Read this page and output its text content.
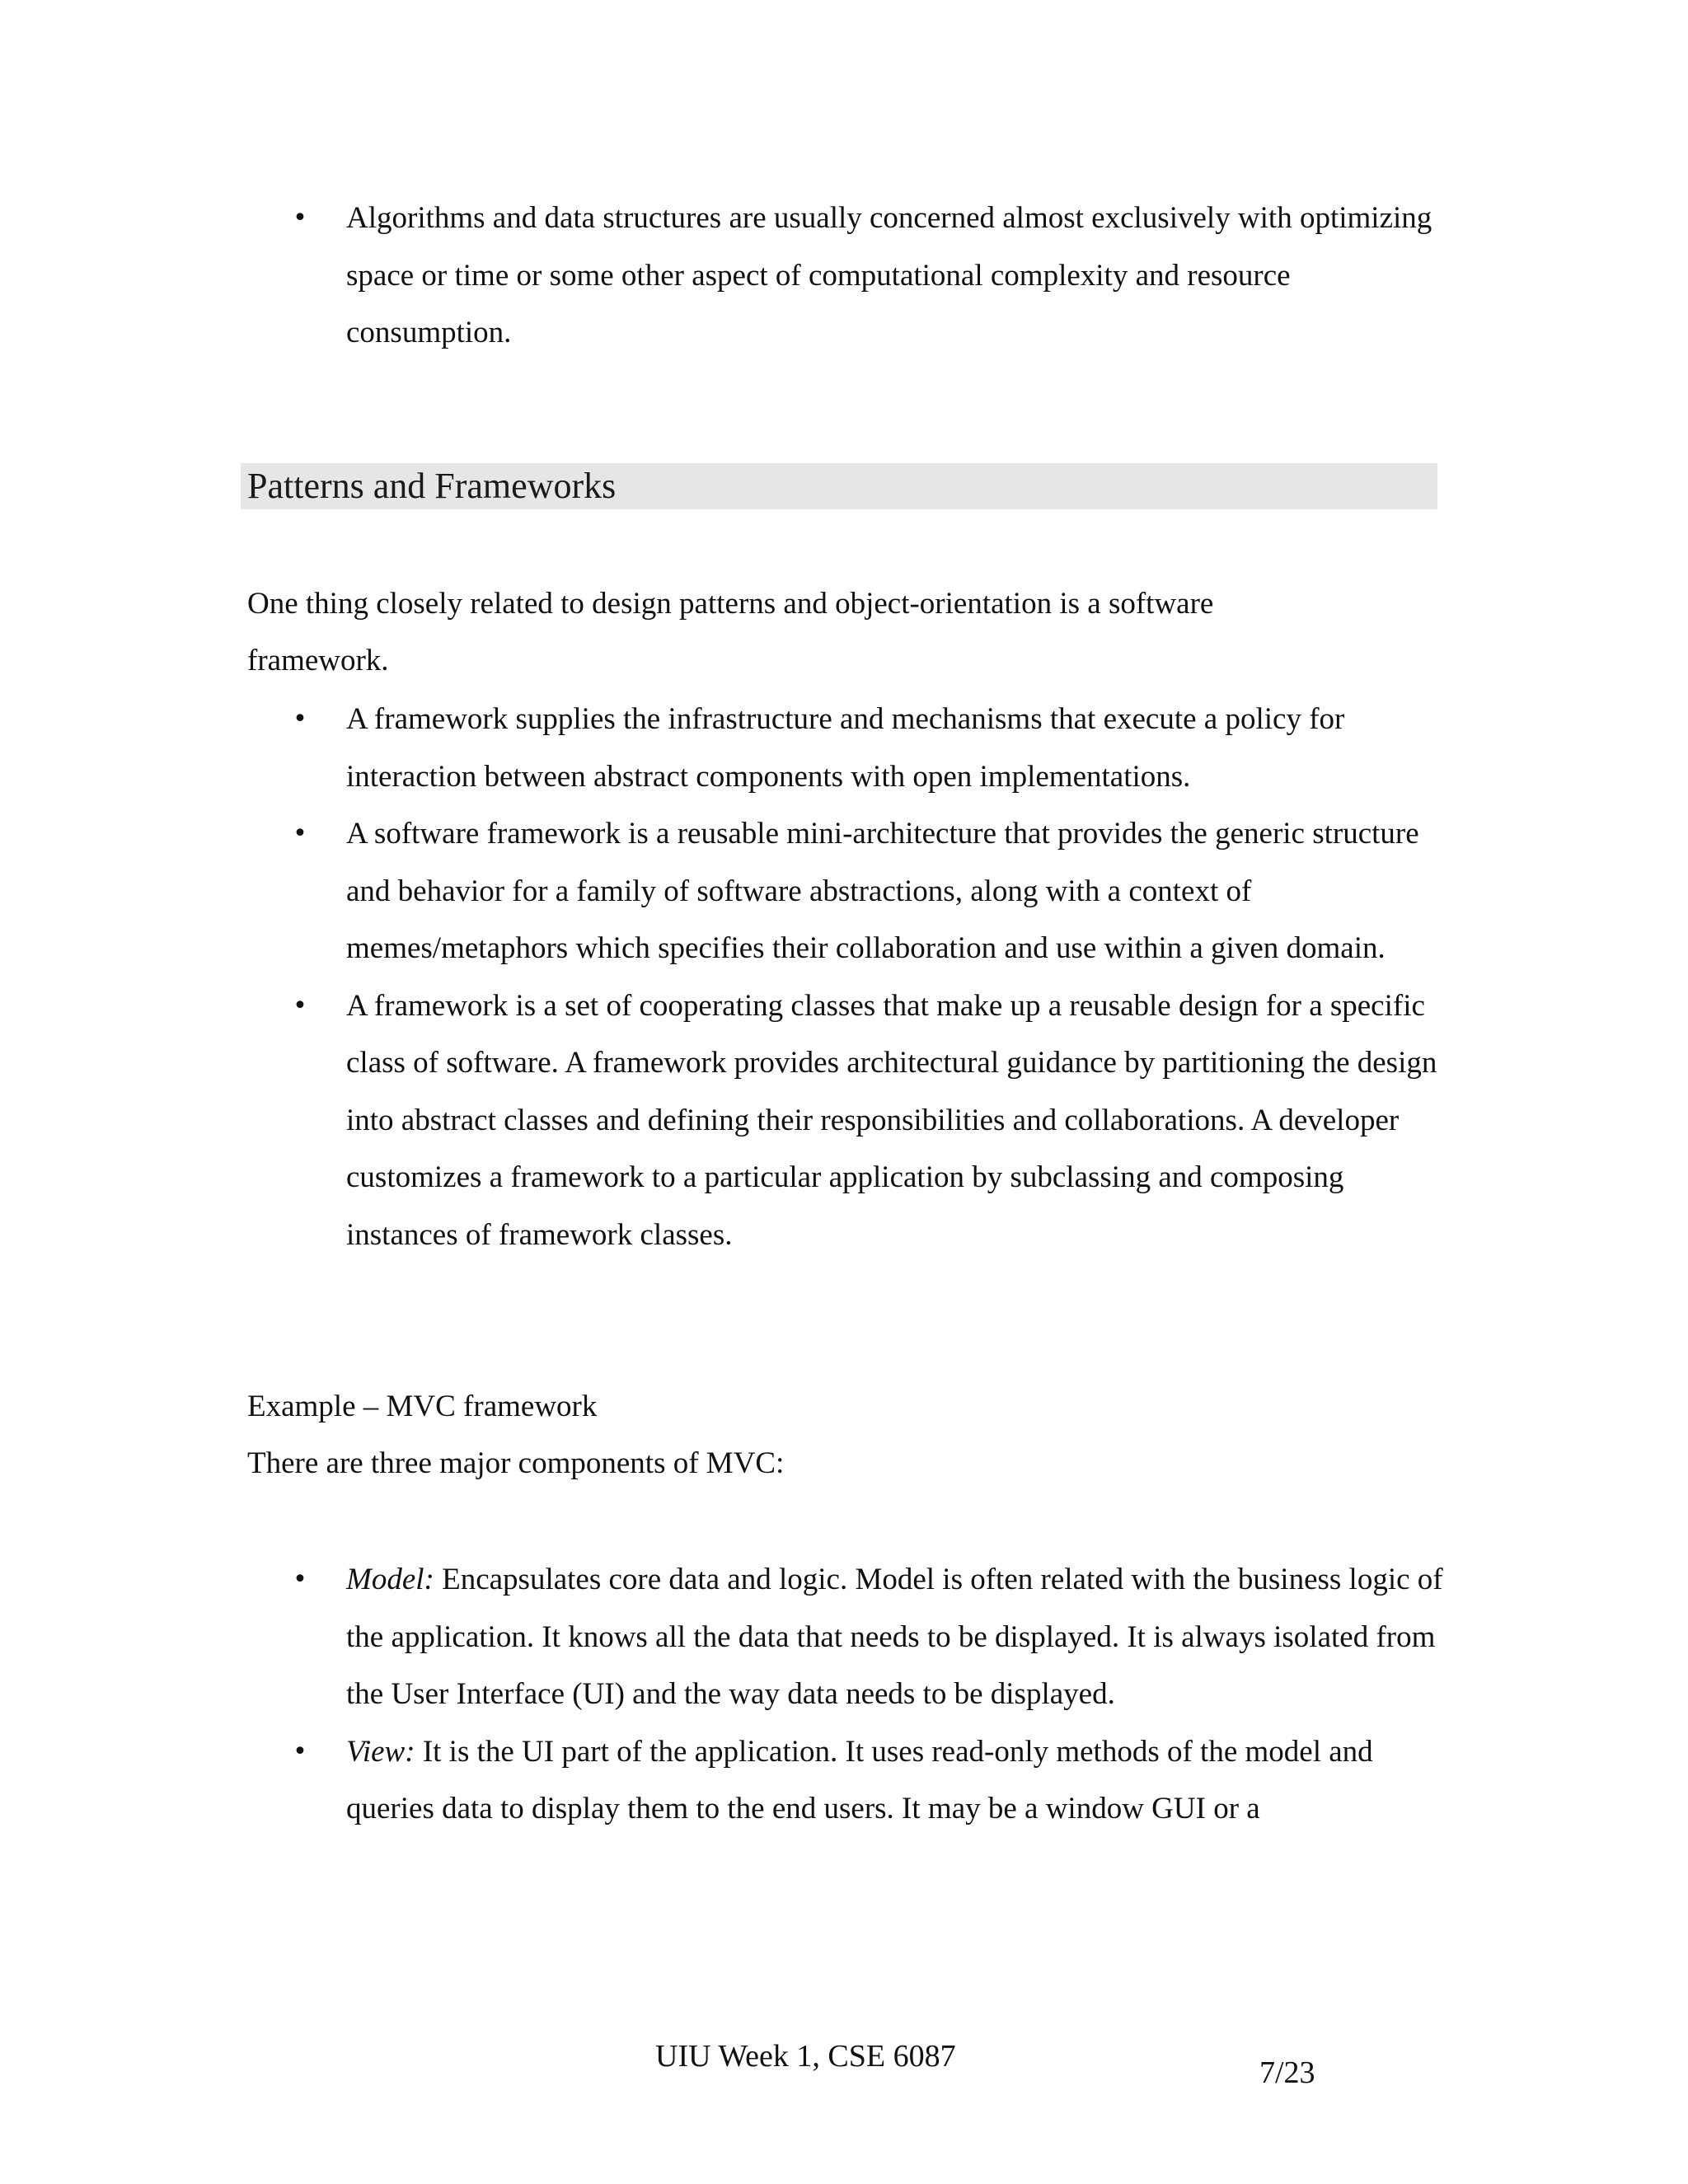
• Algorithms and data structures are usually concerned almost exclusively with optimizing space or time or some other aspect of computational complexity and resource consumption.
Patterns and Frameworks

One thing closely related to design patterns and object-orientation is a software framework.

• A framework supplies the infrastructure and mechanisms that execute a policy for interaction between abstract components with open implementations.
• A software framework is a reusable mini-architecture that provides the generic structure and behavior for a family of software abstractions, along with a context of memes/metaphors which specifies their collaboration and use within a given domain.
• A framework is a set of cooperating classes that make up a reusable design for a specific class of software. A framework provides architectural guidance by partitioning the design into abstract classes and defining their responsibilities and collaborations. A developer customizes a framework to a particular application by subclassing and composing instances of framework classes.

Example – MVC framework

There are three major components of MVC:

• Model: Encapsulates core data and logic. Model is often related with the business logic of the application. It knows all the data that needs to be displayed. It is always isolated from the User Interface (UI) and the way data needs to be displayed.
• View: It is the UI part of the application. It uses read-only methods of the model and queries data to display them to the end users. It may be a window GUI or a
UIU Week 1, CSE 6087	7/23
